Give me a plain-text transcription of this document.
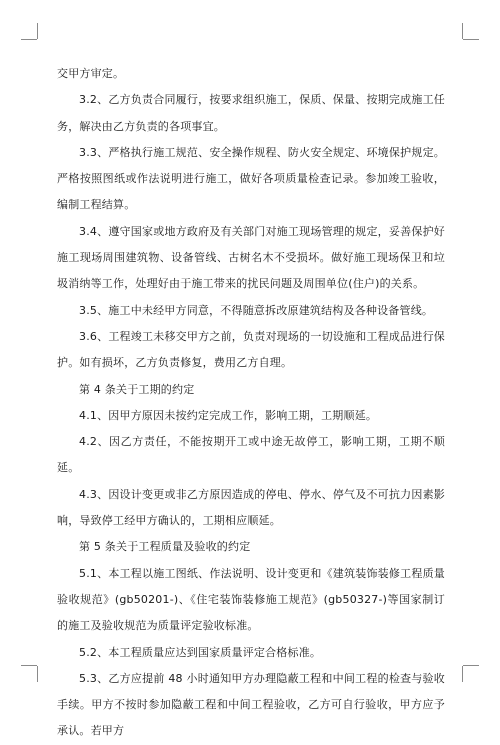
交甲方审定。

3.2、乙方负责合同履行，按要求组织施工，保质、保量、按期完成施工任务，解决由乙方负责的各项事宜。

3.3、严格执行施工规范、安全操作规程、防火安全规定、环境保护规定。严格按照图纸或作法说明进行施工，做好各项质量检查记录。参加竣工验收，编制工程结算。

3.4、遵守国家或地方政府及有关部门对施工现场管理的规定，妥善保护好施工现场周围建筑物、设备管线、古树名木不受损坏。做好施工现场保卫和垃圾消纳等工作，处理好由于施工带来的扰民问题及周围单位(住户)的关系。

3.5、施工中未经甲方同意，不得随意拆改原建筑结构及各种设备管线。

3.6、工程竣工未移交甲方之前，负责对现场的一切设施和工程成品进行保护。如有损坏，乙方负责修复，费用乙方自理。

第 4 条关于工期的约定

4.1、因甲方原因未按约定完成工作，影响工期，工期顺延。

4.2、因乙方责任，不能按期开工或中途无故停工，影响工期，工期不顺延。

4.3、因设计变更或非乙方原因造成的停电、停水、停气及不可抗力因素影响，导致停工经甲方确认的，工期相应顺延。

第 5 条关于工程质量及验收的约定

5.1、本工程以施工图纸、作法说明、设计变更和《建筑装饰装修工程质量验收规范》(gb50201-)、《住宅装饰装修施工规范》(gb50327-)等国家制订的施工及验收规范为质量评定验收标准。

5.2、本工程质量应达到国家质量评定合格标准。

5.3、乙方应提前 48 小时通知甲方办理隐蔽工程和中间工程的检查与验收手续。甲方不按时参加隐蔽工程和中间工程验收，乙方可自行验收，甲方应予承认。若甲方
